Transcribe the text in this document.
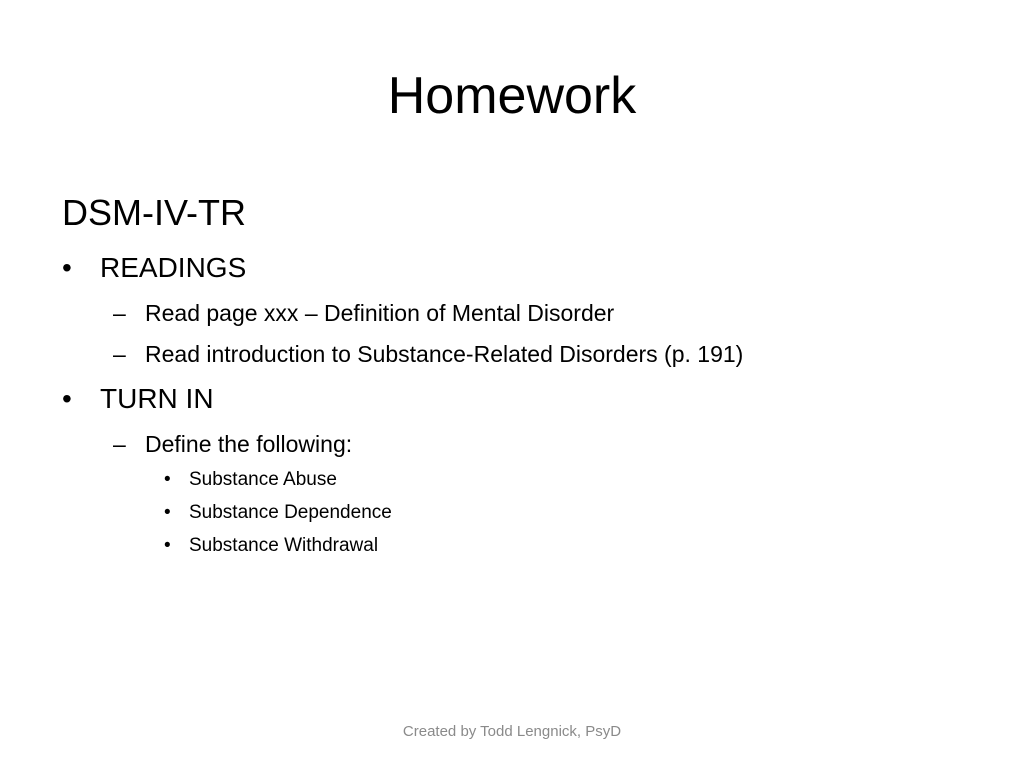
Homework
DSM-IV-TR
• READINGS
– Read page xxx – Definition of Mental Disorder
– Read introduction to Substance-Related Disorders (p. 191)
• TURN IN
– Define the following:
• Substance Abuse
• Substance Dependence
• Substance Withdrawal
Created by Todd Lengnick, PsyD
